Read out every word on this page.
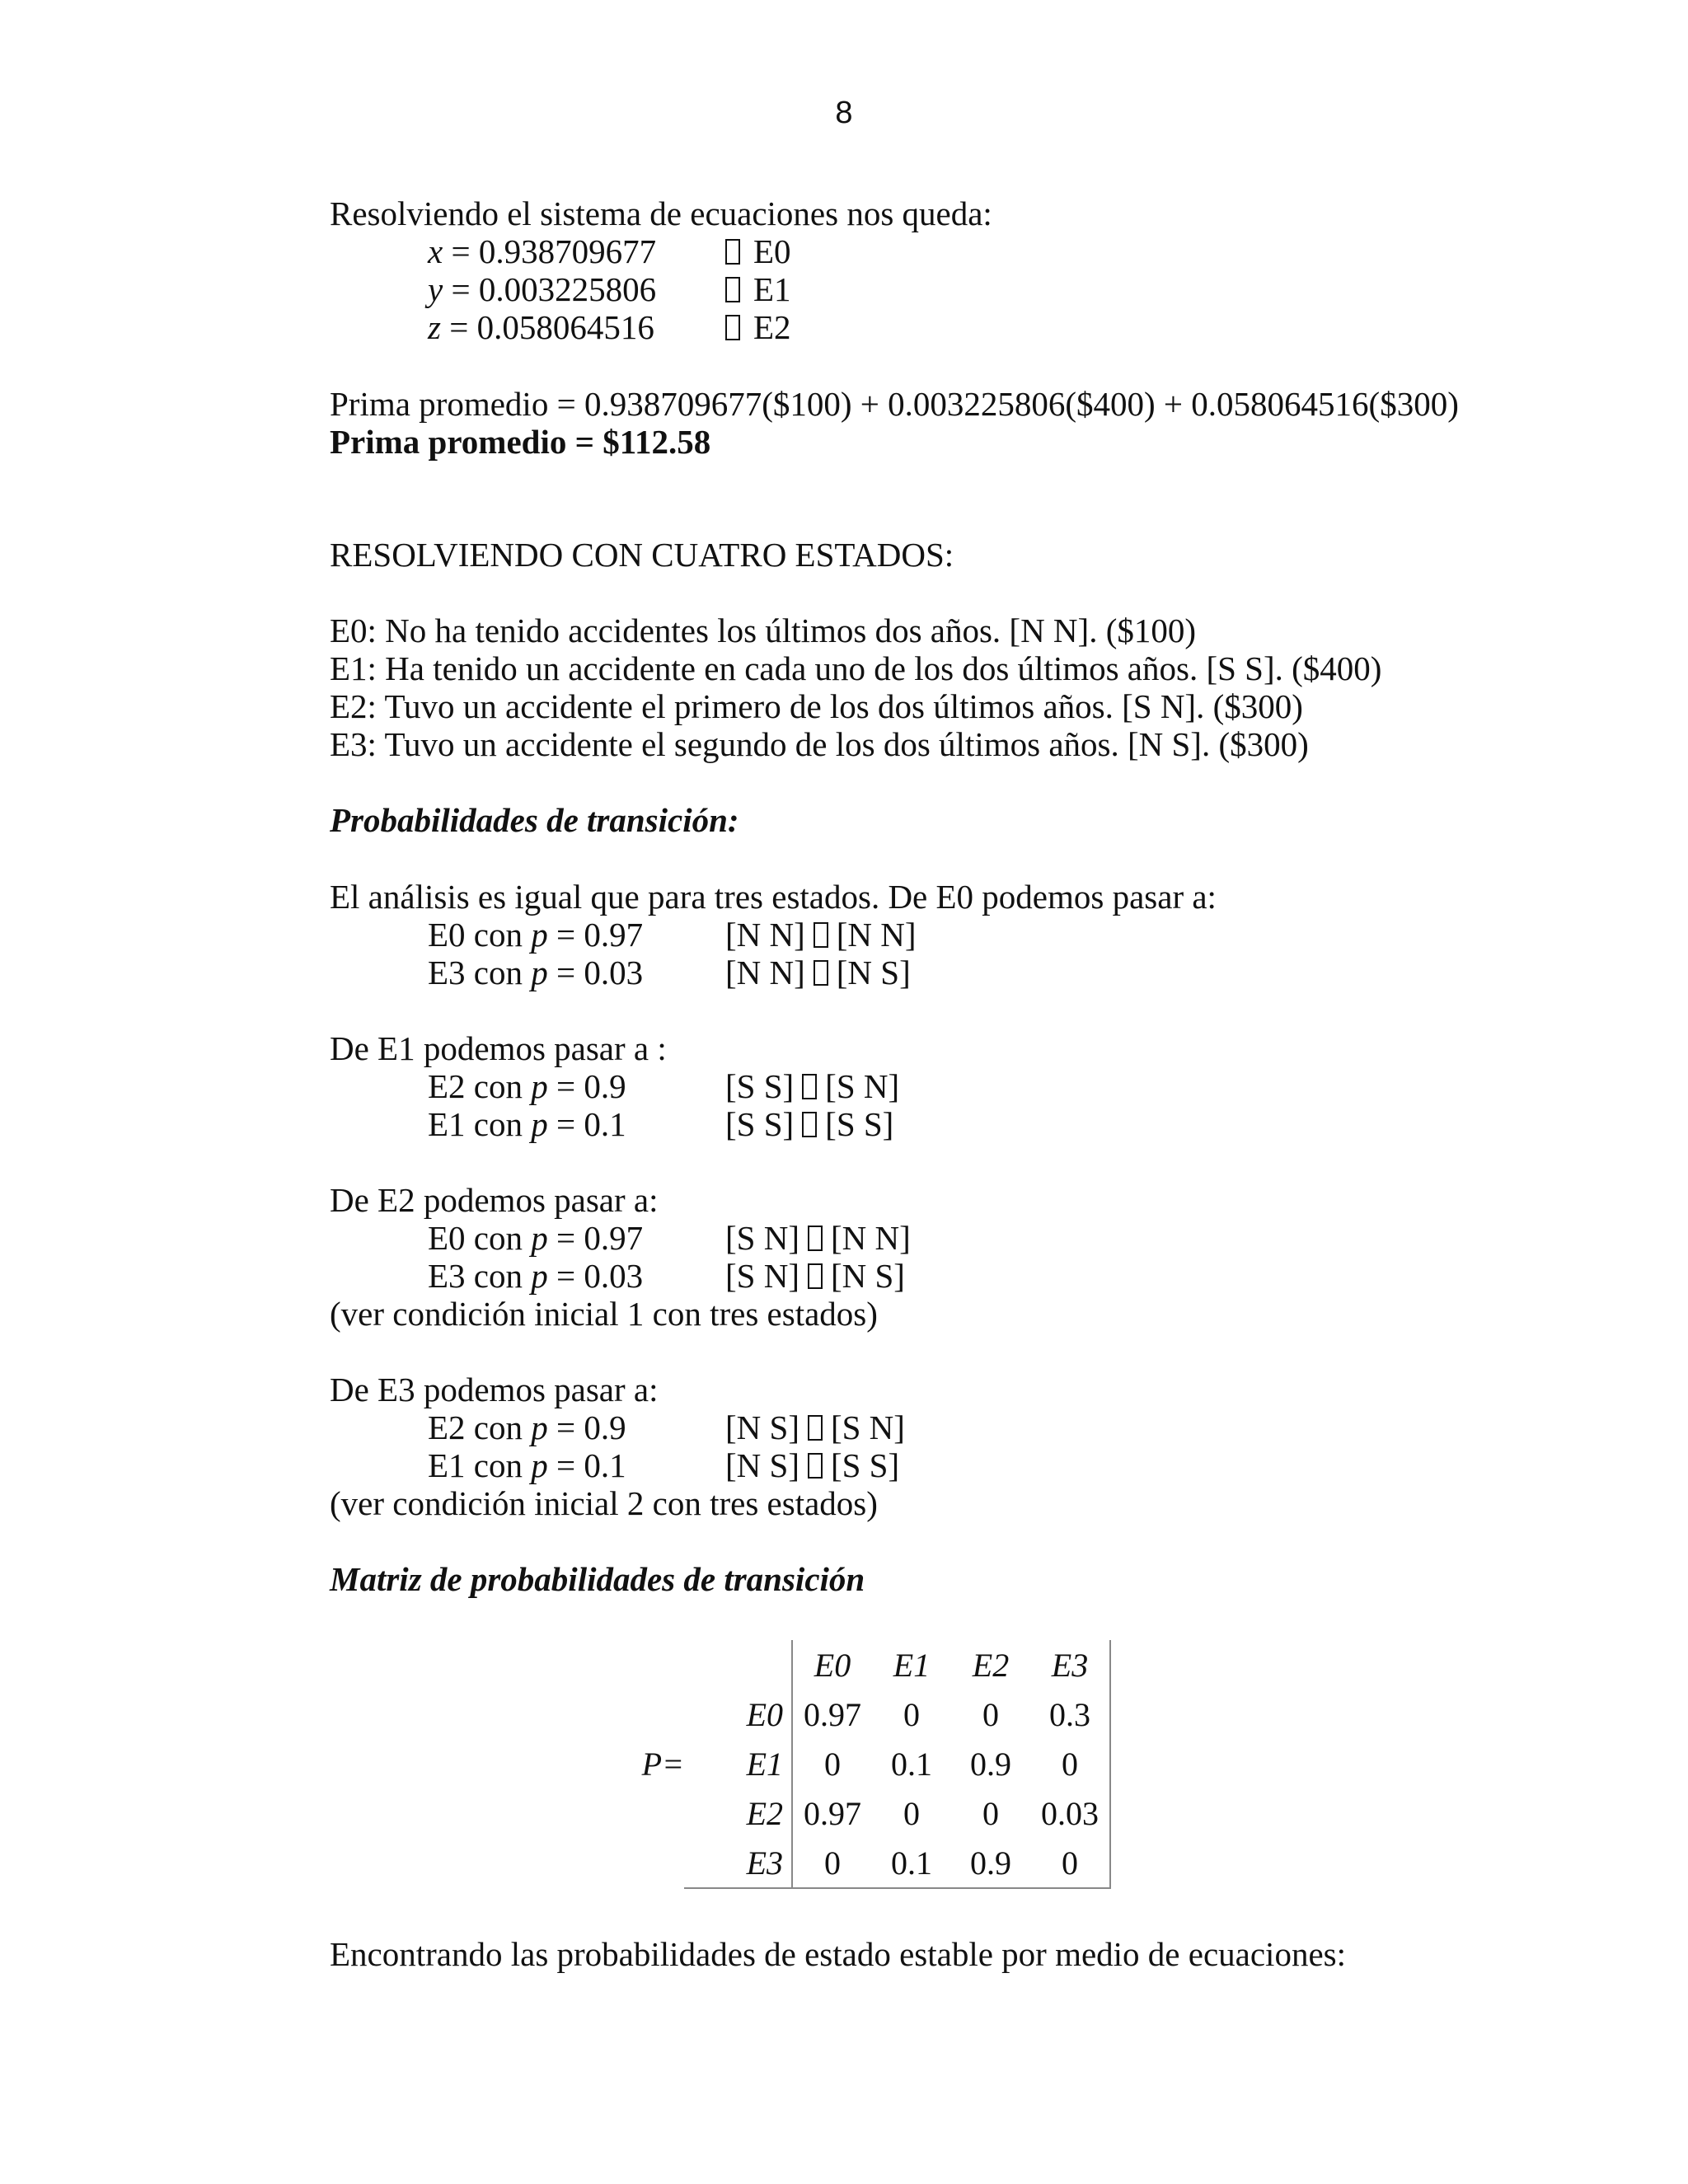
8
Resolviendo el sistema de ecuaciones nos queda:
x = 0.938709677	E0
y = 0.003225806	E1
z = 0.058064516	E2
Prima promedio = 0.938709677($100) + 0.003225806($400) + 0.058064516($300)
Prima promedio = $112.58
RESOLVIENDO CON CUATRO ESTADOS:
E0: No ha tenido accidentes los últimos dos años. [N N]. ($100)
E1: Ha tenido un accidente en cada uno de los dos últimos años. [S S]. ($400)
E2: Tuvo un accidente el primero de los dos últimos años. [S N]. ($300)
E3: Tuvo un accidente el segundo de los dos últimos años. [N S]. ($300)
Probabilidades de transición:
El análisis es igual que para tres estados. De E0 podemos pasar a:
E0 con p = 0.97 [N N] [N N]
E3 con p = 0.03 [N N] [N S]
De E1 podemos pasar a :
E2 con p = 0.9	[S S] [S N]
E1 con p = 0.1	[S S] [S S]
De E2 podemos pasar a:
E0 con p = 0.97 [S N] [N N]
E3 con p = 0.03 [S N] [N S]
(ver condición inicial 1 con tres estados)
De E3 podemos pasar a:
E2 con p = 0.9	[N S] [S N]
E1 con p = 0.1	[N S] [S S]
(ver condición inicial 2 con tres estados)
Matriz de probabilidades de transición
		E0	E1	E2	E3
	E0	0.97	0	0	0.3
P=	E1	0	0.1	0.9	0
	E2	0.97	0	0	0.03
	E3	0	0.1	0.9	0
Encontrando las probabilidades de estado estable por medio de ecuaciones:
